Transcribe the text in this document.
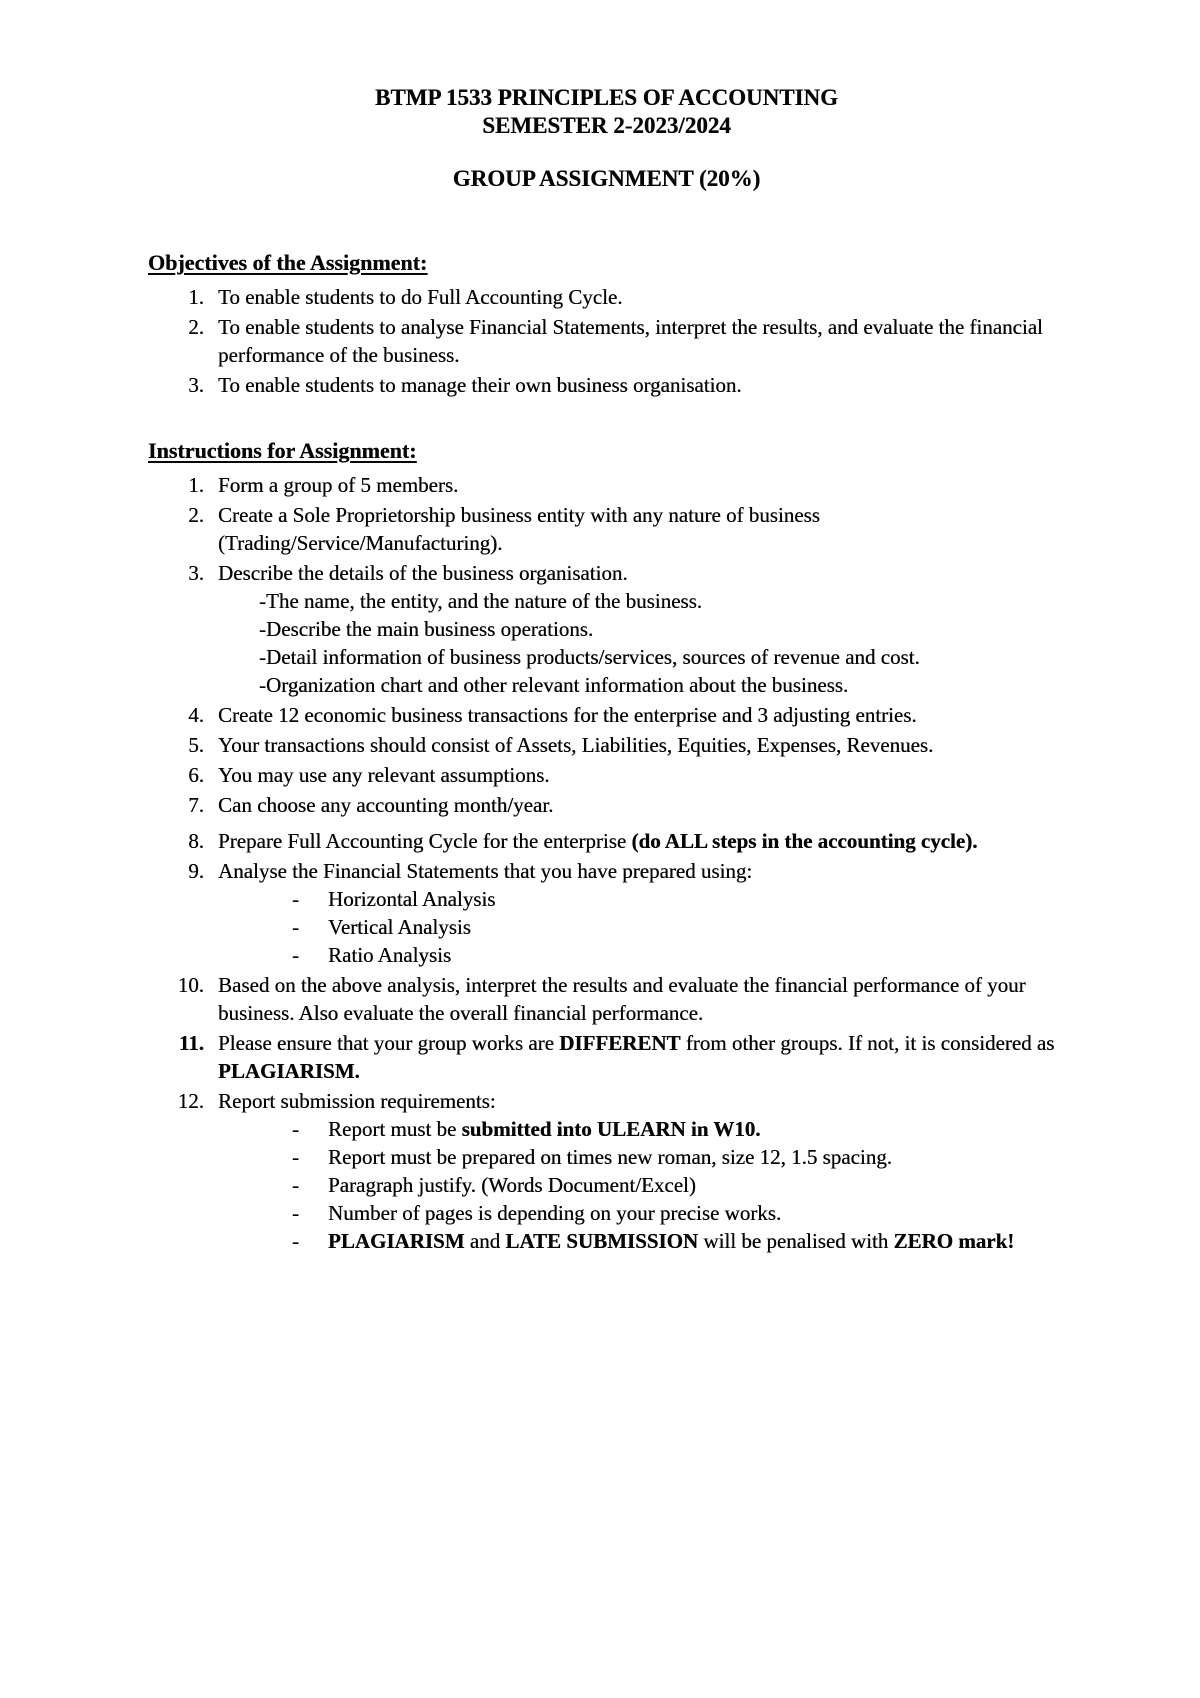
BTMP 1533 PRINCIPLES OF ACCOUNTING
SEMESTER 2-2023/2024
GROUP ASSIGNMENT (20%)
Objectives of the Assignment:
1. To enable students to do Full Accounting Cycle.
2. To enable students to analyse Financial Statements, interpret the results, and evaluate the financial performance of the business.
3. To enable students to manage their own business organisation.
Instructions for Assignment:
1. Form a group of 5 members.
2. Create a Sole Proprietorship business entity with any nature of business (Trading/Service/Manufacturing).
3. Describe the details of the business organisation.
-The name, the entity, and the nature of the business.
-Describe the main business operations.
-Detail information of business products/services, sources of revenue and cost.
-Organization chart and other relevant information about the business.
4. Create 12 economic business transactions for the enterprise and 3 adjusting entries.
5. Your transactions should consist of Assets, Liabilities, Equities, Expenses, Revenues.
6. You may use any relevant assumptions.
7. Can choose any accounting month/year.
8. Prepare Full Accounting Cycle for the enterprise (do ALL steps in the accounting cycle).
9. Analyse the Financial Statements that you have prepared using:
-	Horizontal Analysis
-	Vertical Analysis
-	Ratio Analysis
10. Based on the above analysis, interpret the results and evaluate the financial performance of your business. Also evaluate the overall financial performance.
11. Please ensure that your group works are DIFFERENT from other groups. If not, it is considered as PLAGIARISM.
12. Report submission requirements:
-	Report must be submitted into ULEARN in W10.
-	Report must be prepared on times new roman, size 12, 1.5 spacing.
-	Paragraph justify. (Words Document/Excel)
-	Number of pages is depending on your precise works.
-	PLAGIARISM and LATE SUBMISSION will be penalised with ZERO mark!
